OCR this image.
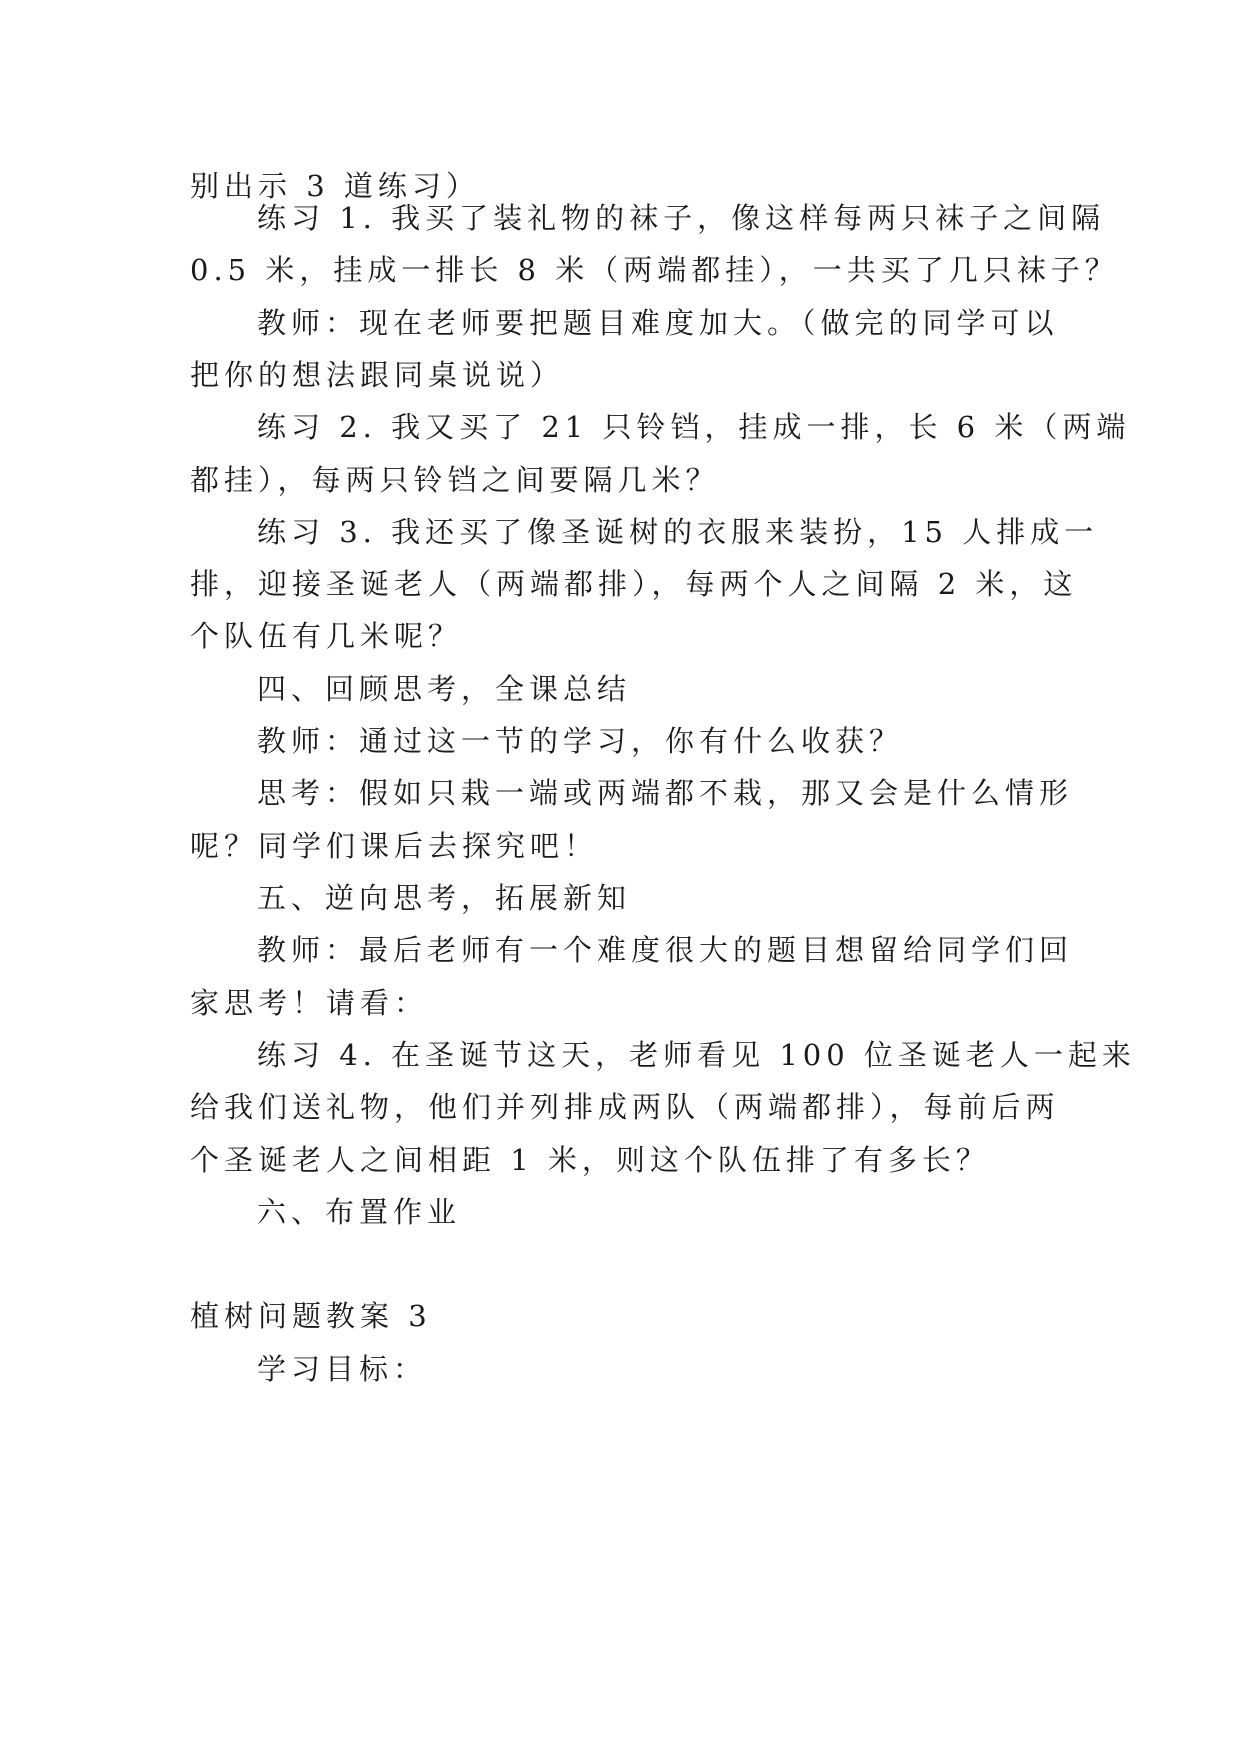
别出示 3 道练习）
练习 1. 我买了装礼物的袜子，像这样每两只袜子之间隔
0.5 米，挂成一排长 8 米（两端都挂），一共买了几只袜子？
教师：现在老师要把题目难度加大。（做完的同学可以
把你的想法跟同桌说说）
练习 2. 我又买了 21 只铃铛，挂成一排，长 6 米（两端
都挂），每两只铃铛之间要隔几米？
练习 3. 我还买了像圣诞树的衣服来装扮，15 人排成一
排，迎接圣诞老人（两端都排），每两个人之间隔 2 米，这
个队伍有几米呢？
四、回顾思考，全课总结
教师：通过这一节的学习，你有什么收获？
思考：假如只栽一端或两端都不栽，那又会是什么情形
呢？同学们课后去探究吧！
五、逆向思考，拓展新知
教师：最后老师有一个难度很大的题目想留给同学们回
家思考！请看：
练习 4. 在圣诞节这天，老师看见 100 位圣诞老人一起来
给我们送礼物，他们并列排成两队（两端都排），每前后两
个圣诞老人之间相距 1 米，则这个队伍排了有多长？
六、布置作业
植树问题教案 3
学习目标：
